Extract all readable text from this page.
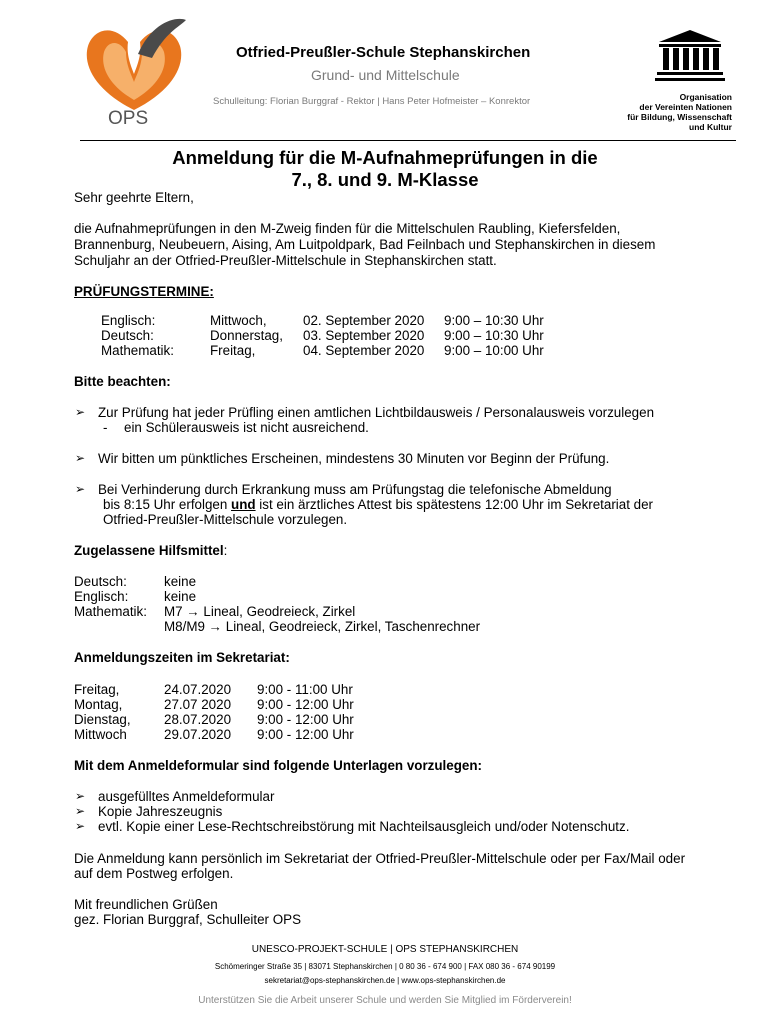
OPS
Otfried-Preußler-Schule Stephanskirchen
Grund- und Mittelschule
Schulleitung: Florian Burggraf - Rektor | Hans Peter Hofmeister – Konrektor	Organisation
der Vereinten Nationen
für Bildung, Wissenschaft
und Kultur
Anmeldung für die M-Aufnahmeprüfungen in die
7., 8. und 9. M-Klasse
Sehr geehrte Eltern,
die Aufnahmeprüfungen in den M-Zweig finden für die Mittelschulen Raubling, Kiefersfelden,
Brannenburg, Neubeuern, Aising, Am Luitpoldpark, Bad Feilnbach und Stephanskirchen in diesem
Schuljahr an der Otfried-Preußler-Mittelschule in Stephanskirchen statt.
PRÜFUNGSTERMINE:
Englisch:	Mittwoch,	02. September 2020 9:00 – 10:30 Uhr
Deutsch:	Donnerstag, 03. September 2020 9:00 – 10:30 Uhr
Mathematik:	Freitag,	04. September 2020 9:00 – 10:00 Uhr
Bitte beachten:
➢ Zur Prüfung hat jeder Prüfling einen amtlichen Lichtbildausweis / Personalausweis vorzulegen
- ein Schülerausweis ist nicht ausreichend.
➢ Wir bitten um pünktliches Erscheinen, mindestens 30 Minuten vor Beginn der Prüfung.
➢ Bei Verhinderung durch Erkrankung muss am Prüfungstag die telefonische Abmeldung
bis 8:15 Uhr erfolgen und ist ein ärztliches Attest bis spätestens 12:00 Uhr im Sekretariat der
Otfried-Preußler-Mittelschule vorzulegen.
Zugelassene Hilfsmittel:
Deutsch:	keine
Englisch:	keine
Mathematik: M7 → Lineal, Geodreieck, Zirkel
M8/M9 → Lineal, Geodreieck, Zirkel, Taschenrechner
Anmeldungszeiten im Sekretariat:
Freitag,	24.07.2020 9:00 - 11:00 Uhr
Montag,	27.07 2020 9:00 - 12:00 Uhr
Dienstag, 28.07.2020 9:00 - 12:00 Uhr
Mittwoch	29.07.2020 9:00 - 12:00 Uhr
Mit dem Anmeldeformular sind folgende Unterlagen vorzulegen:
➢ ausgefülltes Anmeldeformular
➢ Kopie Jahreszeugnis
➢ evtl. Kopie einer Lese-Rechtschreibstörung mit Nachteilsausgleich und/oder Notenschutz.
Die Anmeldung kann persönlich im Sekretariat der Otfried-Preußler-Mittelschule oder per Fax/Mail oder
auf dem Postweg erfolgen.
Mit freundlichen Grüßen
gez. Florian Burggraf, Schulleiter OPS
UNESCO-PROJEKT-SCHULE | OPS STEPHANSKIRCHEN
Schömeringer Straße 35 | 83071 Stephanskirchen | 0 80 36 - 674 900 | FAX 080 36 - 674 90199
sekretariat@ops-stephanskirchen.de | www.ops-stephanskirchen.de
Unterstützen Sie die Arbeit unserer Schule und werden Sie Mitglied im Förderverein!
